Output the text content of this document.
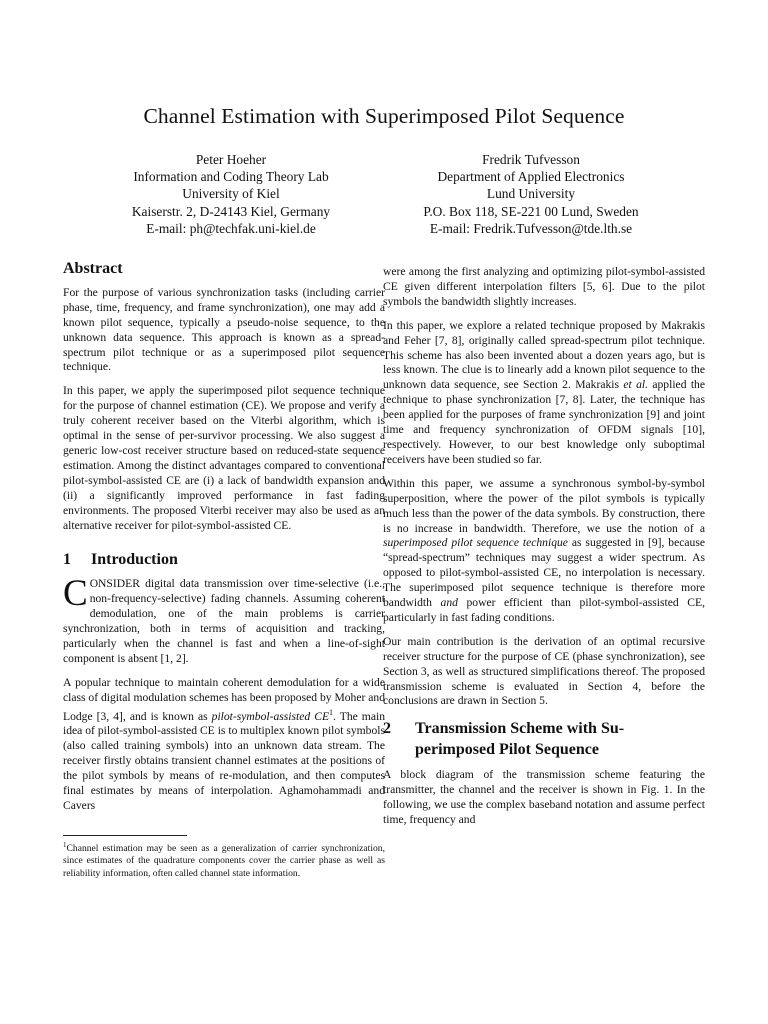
Channel Estimation with Superimposed Pilot Sequence
Peter Hoeher
Information and Coding Theory Lab
University of Kiel
Kaiserstr. 2, D-24143 Kiel, Germany
E-mail: ph@techfak.uni-kiel.de
Fredrik Tufvesson
Department of Applied Electronics
Lund University
P.O. Box 118, SE-221 00 Lund, Sweden
E-mail: Fredrik.Tufvesson@tde.lth.se
Abstract

For the purpose of various synchronization tasks (including carrier phase, time, frequency, and frame synchronization), one may add a known pilot sequence, typically a pseudo-noise sequence, to the unknown data sequence. This approach is known as a spread-spectrum pilot technique or as a superimposed pilot sequence technique.

In this paper, we apply the superimposed pilot sequence technique for the purpose of channel estimation (CE). We propose and verify a truly coherent receiver based on the Viterbi algorithm, which is optimal in the sense of per-survivor processing. We also suggest a generic low-cost receiver structure based on reduced-state sequence estimation. Among the distinct advantages compared to conventional pilot-symbol-assisted CE are (i) a lack of bandwidth expansion and (ii) a significantly improved performance in fast fading environments. The proposed Viterbi receiver may also be used as an alternative receiver for pilot-symbol-assisted CE.

1 Introduction

CONSIDER digital data transmission over time-selective (i.e., non-frequency-selective) fading channels. Assuming coherent demodulation, one of the main problems is carrier synchronization, both in terms of acquisition and tracking, particularly when the channel is fast and when a line-of-sight component is absent [1, 2].

A popular technique to maintain coherent demodulation for a wide class of digital modulation schemes has been proposed by Moher and Lodge [3, 4], and is known as pilot-symbol-assisted $CE^1$. The main idea of pilot-symbol-assisted CE is to multiplex known pilot symbols (also called training symbols) into an unknown data stream. The receiver firstly obtains transient channel estimates at the positions of the pilot symbols by means of re-modulation, and then computes final estimates by means of interpolation. Aghamohammadi and Cavers

$^1$Channel estimation may be seen as a generalization of carrier synchronization, since estimates of the quadrature components cover the carrier phase as well as reliability information, often called channel state information.

were among the first analyzing and optimizing pilot-symbol-assisted CE given different interpolation filters [5, 6]. Due to the pilot symbols the bandwidth slightly increases.

In this paper, we explore a related technique proposed by Makrakis and Feher [7, 8], originally called spread-spectrum pilot technique. This scheme has also been invented about a dozen years ago, but is less known. The clue is to linearly add a known pilot sequence to the unknown data sequence, see Section 2. Makrakis et al. applied the technique to phase synchronization [7, 8]. Later, the technique has been applied for the purposes of frame synchronization [9] and joint time and frequency synchronization of OFDM signals [10], respectively. However, to our best knowledge only suboptimal receivers have been studied so far.

Within this paper, we assume a synchronous symbol-by-symbol superposition, where the power of the pilot symbols is typically much less than the power of the data symbols. By construction, there is no increase in bandwidth. Therefore, we use the notion of a superimposed pilot sequence technique as suggested in [9], because “spread-spectrum” techniques may suggest a wider spectrum. As opposed to pilot-symbol-assisted CE, no interpolation is necessary. The superimposed pilot sequence technique is therefore more bandwidth and power efficient than pilot-symbol-assisted CE, particularly in fast fading conditions.

Our main contribution is the derivation of an optimal recursive receiver structure for the purpose of CE (phase synchronization), see Section 3, as well as structured simplifications thereof. The proposed transmission scheme is evaluated in Section 4, before the conclusions are drawn in Section 5.

2 Transmission Scheme with Su-
perimposed Pilot Sequence

A block diagram of the transmission scheme featuring the transmitter, the channel and the receiver is shown in Fig. 1. In the following, we use the complex baseband notation and assume perfect time, frequency and
